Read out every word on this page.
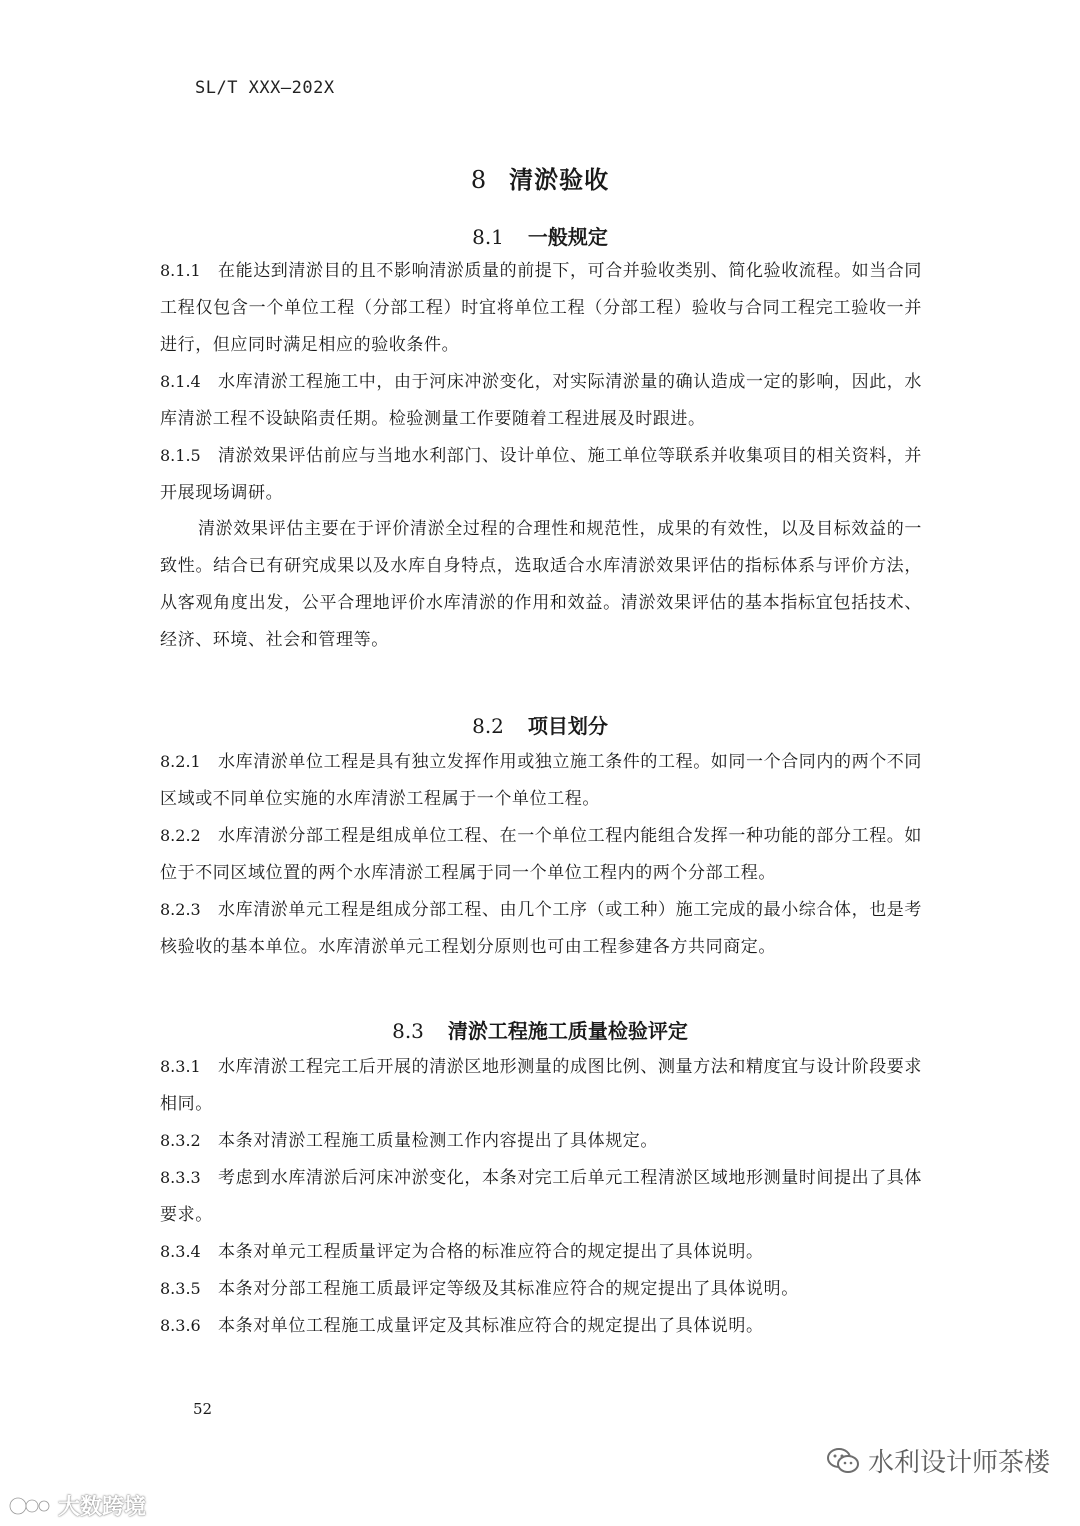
SL/T XXX—202X
8 清淤验收
8.1 一般规定
8.1.1 在能达到清淤目的且不影响清淤质量的前提下，可合并验收类别、简化验收流程。如当合同工程仅包含一个单位工程（分部工程）时宜将单位工程（分部工程）验收与合同工程完工验收一并进行，但应同时满足相应的验收条件。
8.1.4 水库清淤工程施工中，由于河床冲淤变化，对实际清淤量的确认造成一定的影响，因此，水库清淤工程不设缺陷责任期。检验测量工作要随着工程进展及时跟进。
8.1.5 清淤效果评估前应与当地水利部门、设计单位、施工单位等联系并收集项目的相关资料，并开展现场调研。
清淤效果评估主要在于评价清淤全过程的合理性和规范性，成果的有效性，以及目标效益的一致性。结合已有研究成果以及水库自身特点，选取适合水库清淤效果评估的指标体系与评价方法，从客观角度出发，公平合理地评价水库清淤的作用和效益。清淤效果评估的基本指标宜包括技术、经济、环境、社会和管理等。
8.2 项目划分
8.2.1 水库清淤单位工程是具有独立发挥作用或独立施工条件的工程。如同一个合同内的两个不同区域或不同单位实施的水库清淤工程属于一个单位工程。
8.2.2 水库清淤分部工程是组成单位工程、在一个单位工程内能组合发挥一种功能的部分工程。如位于不同区域位置的两个水库清淤工程属于同一个单位工程内的两个分部工程。
8.2.3 水库清淤单元工程是组成分部工程、由几个工序（或工种）施工完成的最小综合体，也是考核验收的基本单位。水库清淤单元工程划分原则也可由工程参建各方共同商定。
8.3 清淤工程施工质量检验评定
8.3.1 水库清淤工程完工后开展的清淤区地形测量的成图比例、测量方法和精度宜与设计阶段要求相同。
8.3.2 本条对清淤工程施工质量检测工作内容提出了具体规定。
8.3.3 考虑到水库清淤后河床冲淤变化，本条对完工后单元工程清淤区域地形测量时间提出了具体要求。
8.3.4 本条对单元工程质量评定为合格的标准应符合的规定提出了具体说明。
8.3.5 本条对分部工程施工质最评定等级及其标准应符合的规定提出了具体说明。
8.3.6 本条对单位工程施工成量评定及其标准应符合的规定提出了具体说明。
52
水利设计师茶楼
大数跨境
